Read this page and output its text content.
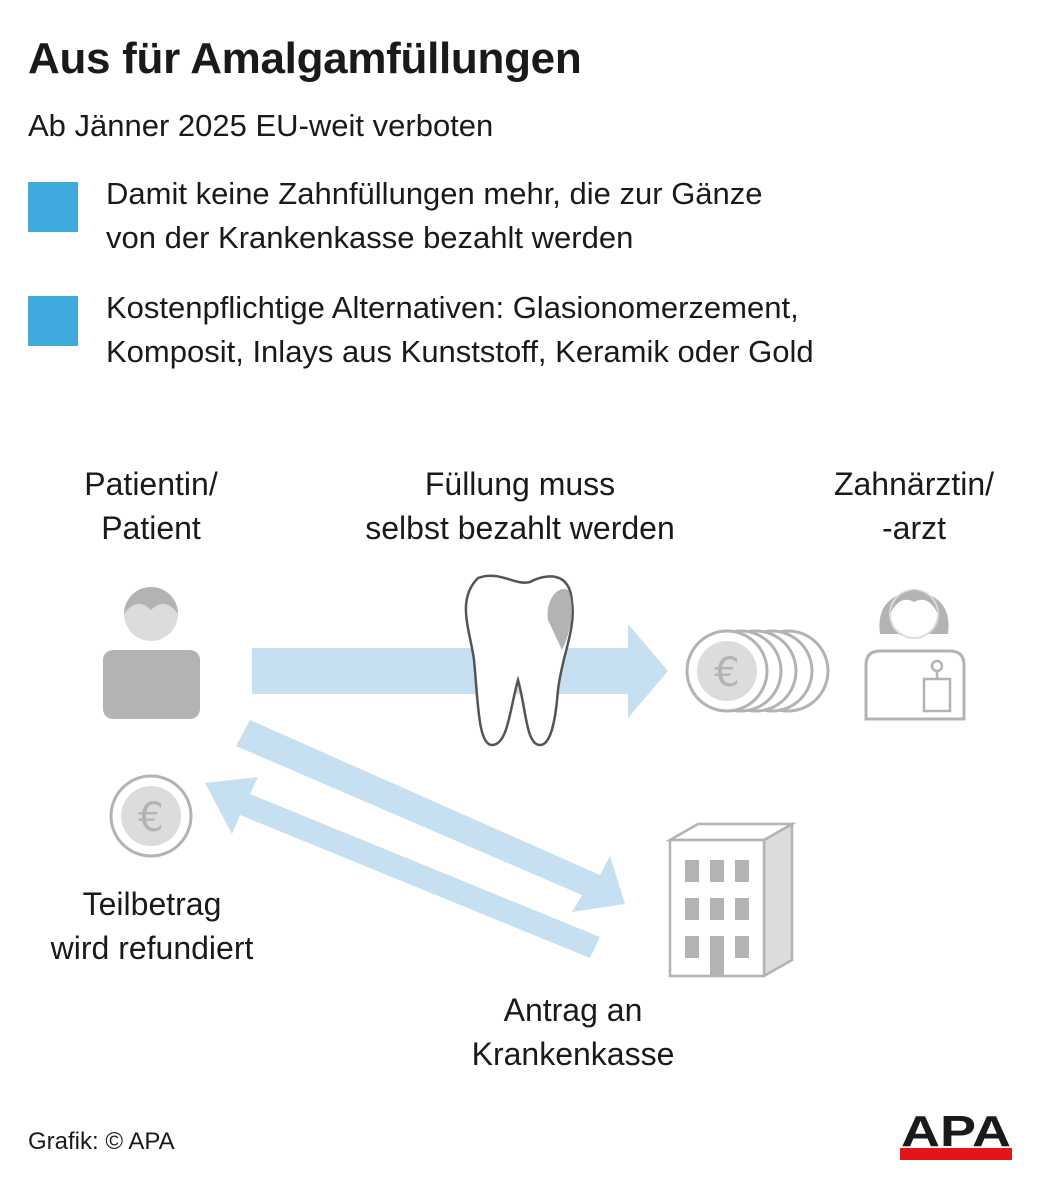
Aus für Amalgamfüllungen
Ab Jänner 2025 EU-weit verboten
Damit keine Zahnfüllungen mehr, die zur Gänze
von der Krankenkasse bezahlt werden
Kostenpflichtige Alternativen: Glasionomerzement,
Komposit, Inlays aus Kunststoff, Keramik oder Gold
€
€
Patientin/
Patient
Füllung muss
selbst bezahlt werden
Zahnärztin/
-arzt
Teilbetrag
wird refundiert
Antrag an
Krankenkasse
Grafik: © APA	APA
